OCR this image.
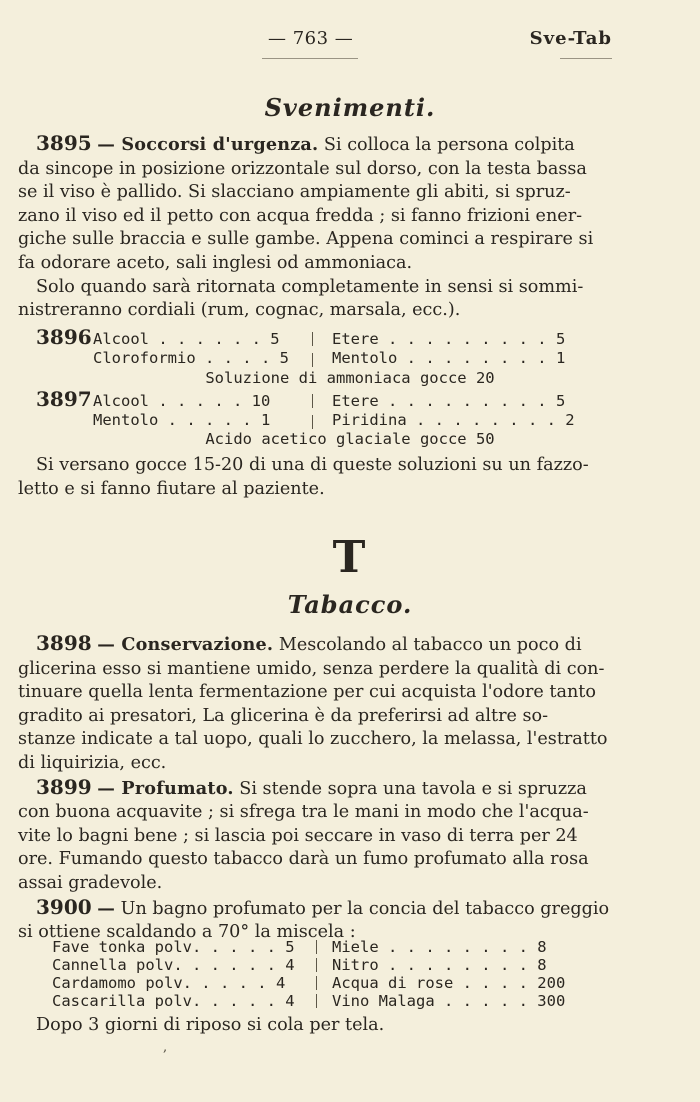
— 763 —	Sve-Tab
Svenimenti.
3895 — Soccorsi d'urgenza. Si colloca la persona colpita
da sincope in posizione orizzontale sul dorso, con la testa bassa
se il viso è pallido. Si slacciano ampiamente gli abiti, si spruz-
zano il viso ed il petto con acqua fredda ; si fanno frizioni ener-
giche sulle braccia e sulle gambe. Appena cominci a respirare si
fa odorare aceto, sali inglesi od ammoniaca.
Solo quando sarà ritornata completamente in sensi si sommi-
nistreranno cordiali (rum, cognac, marsala, ecc.).
3896 Alcool . . . . . . 5	Etere . . . . . . . . . 5
Cloroformio . . . . 5	Mentolo . . . . . . . . 1
Soluzione di ammoniaca gocce 20
3897 Alcool . . . . . 10	Etere . . . . . . . . . 5
Mentolo . . . . . 1	Piridina . . . . . . . . 2
Acido acetico glaciale gocce 50
Si versano gocce 15-20 di una di queste soluzioni su un fazzo-
letto e si fanno fiutare al paziente.
T
Tabacco.
3898 — Conservazione. Mescolando al tabacco un poco di
glicerina esso si mantiene umido, senza perdere la qualità di con-
tinuare quella lenta fermentazione per cui acquista l'odore tanto
gradito ai presatori, La glicerina è da preferirsi ad altre so-
stanze indicate a tal uopo, quali lo zucchero, la melassa, l'estratto
di liquirizia, ecc.
3899 — Profumato. Si stende sopra una tavola e si spruzza
con buona acquavite ; si sfrega tra le mani in modo che l'acqua-
vite lo bagni bene ; si lascia poi seccare in vaso di terra per 24
ore. Fumando questo tabacco darà un fumo profumato alla rosa
assai gradevole.
3900 — Un bagno profumato per la concia del tabacco greggio
si ottiene scaldando a 70° la miscela :
Fave tonka polv. . . . . 5 Miele . . . . . . . . 8
Cannella polv. . . . . . 4 Nitro . . . . . . . . 8
Cardamomo polv. . . . . 4	Acqua di rose . . . . 200
Cascarilla polv. . . . . 4 Vino Malaga . . . . . 300
Dopo 3 giorni di riposo si cola per tela.
,
